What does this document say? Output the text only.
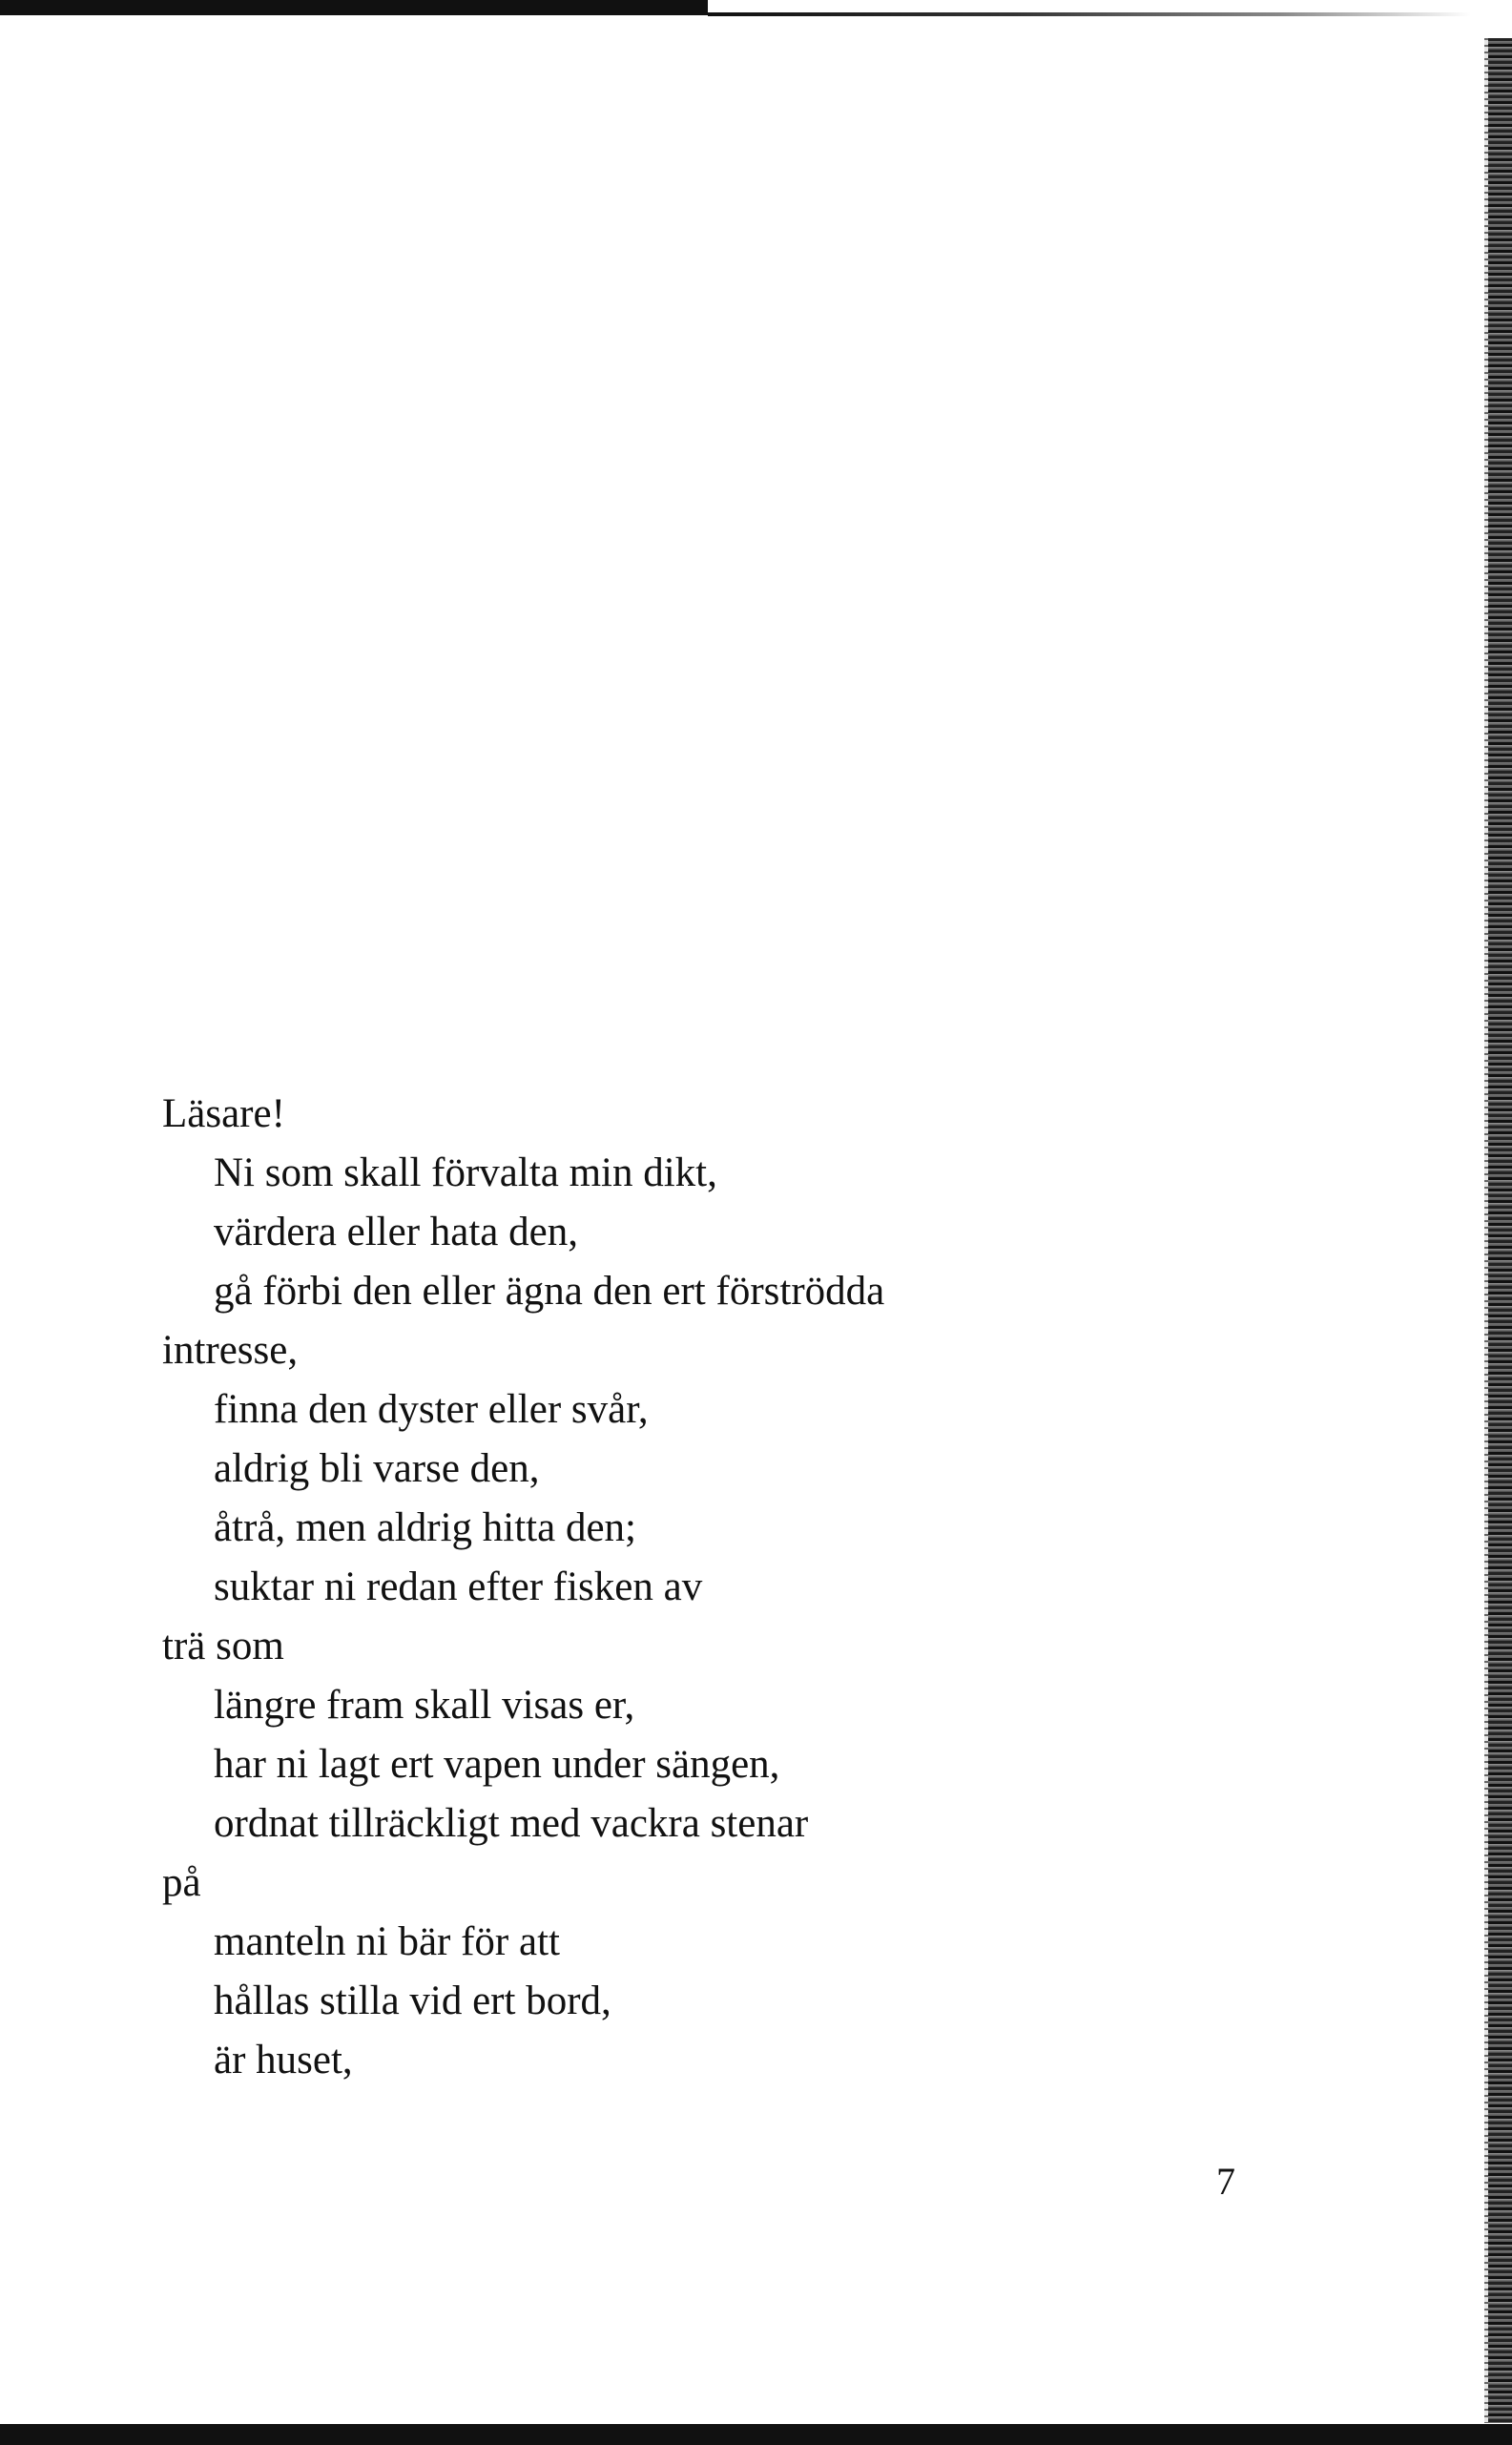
Läsare!
Ni som skall förvalta min dikt,
värdera eller hata den,
gå förbi den eller ägna den ert förströdda
intresse,
finna den dyster eller svår,
aldrig bli varse den,
åtrå, men aldrig hitta den;
suktar ni redan efter fisken av
trä som
längre fram skall visas er,
har ni lagt ert vapen under sängen,
ordnat tillräckligt med vackra stenar
på
manteln ni bär för att
hållas stilla vid ert bord,
är huset,
7
